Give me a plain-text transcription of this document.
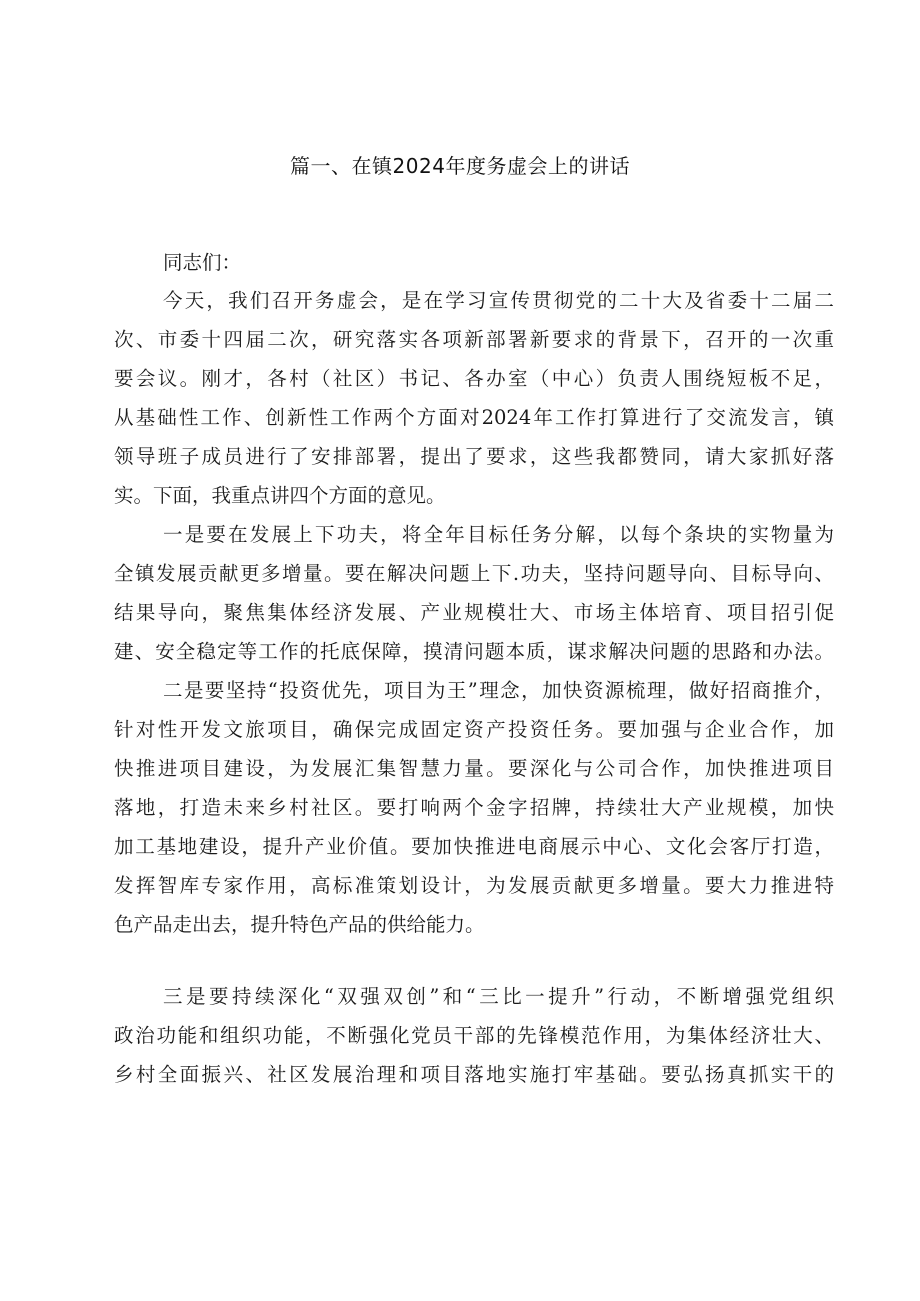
篇一、在镇2024年度务虚会上的讲话
同志们：
今天，我们召开务虚会，是在学习宣传贯彻党的二十大及省委十二届二
次、市委十四届二次，研究落实各项新部署新要求的背景下，召开的一次重
要会议。刚才，各村（社区）书记、各办室（中心）负责人围绕短板不足，
从基础性工作、创新性工作两个方面对2024年工作打算进行了交流发言，镇
领导班子成员进行了安排部署，提出了要求，这些我都赞同，请大家抓好落
实。下面，我重点讲四个方面的意见。
一是要在发展上下功夫，将全年目标任务分解，以每个条块的实物量为
全镇发展贡献更多增量。要在解决问题上下.功夫，坚持问题导向、目标导向、
结果导向，聚焦集体经济发展、产业规模壮大、市场主体培育、项目招引促
建、安全稳定等工作的托底保障，摸清问题本质，谋求解决问题的思路和办法。
二是要坚持“投资优先，项目为王”理念，加快资源梳理，做好招商推介，
针对性开发文旅项目，确保完成固定资产投资任务。要加强与企业合作，加
快推进项目建设，为发展汇集智慧力量。要深化与公司合作，加快推进项目
落地，打造未来乡村社区。要打响两个金字招牌，持续壮大产业规模，加快
加工基地建设，提升产业价值。要加快推进电商展示中心、文化会客厅打造，
发挥智库专家作用，高标准策划设计，为发展贡献更多增量。要大力推进特
色产品走出去，提升特色产品的供给能力。
三是要持续深化“双强双创”和“三比一提升”行动，不断增强党组织
政治功能和组织功能，不断强化党员干部的先锋模范作用，为集体经济壮大、
乡村全面振兴、社区发展治理和项目落地实施打牢基础。要弘扬真抓实干的
